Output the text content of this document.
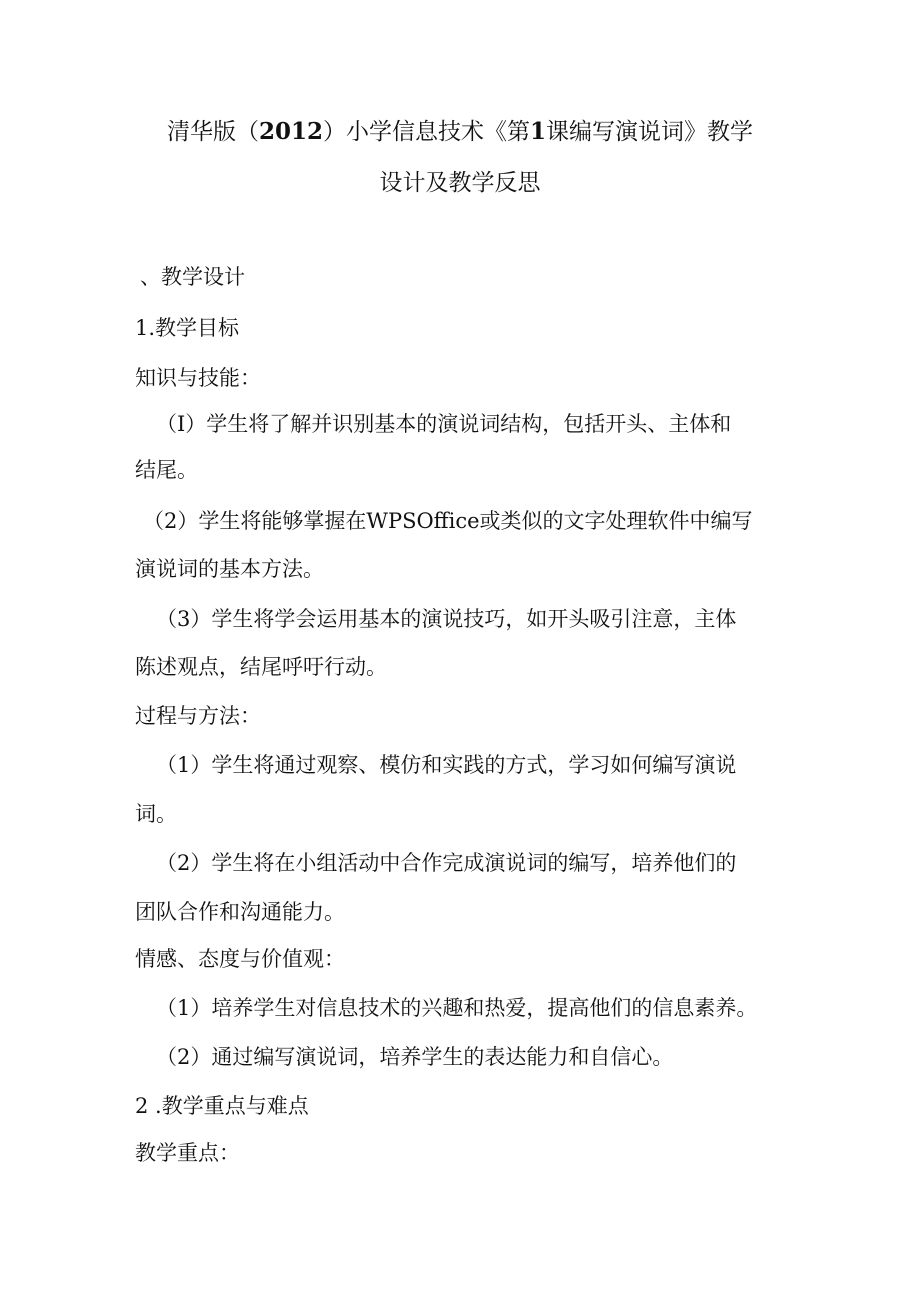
清华版（2012）小学信息技术《第1课编写演说词》教学
设计及教学反思
、教学设计
1.教学目标
知识与技能：
（I）学生将了解并识别基本的演说词结构，包括开头、主体和
结尾。
（2）学生将能够掌握在WPSOffice或类似的文字处理软件中编写
演说词的基本方法。
（3）学生将学会运用基本的演说技巧，如开头吸引注意，主体
陈述观点，结尾呼吁行动。
过程与方法：
（1）学生将通过观察、模仿和实践的方式，学习如何编写演说
词。
（2）学生将在小组活动中合作完成演说词的编写，培养他们的
团队合作和沟通能力。
情感、态度与价值观：
（1）培养学生对信息技术的兴趣和热爱，提高他们的信息素养。
（2）通过编写演说词，培养学生的表达能力和自信心。
2 .教学重点与难点
教学重点：
